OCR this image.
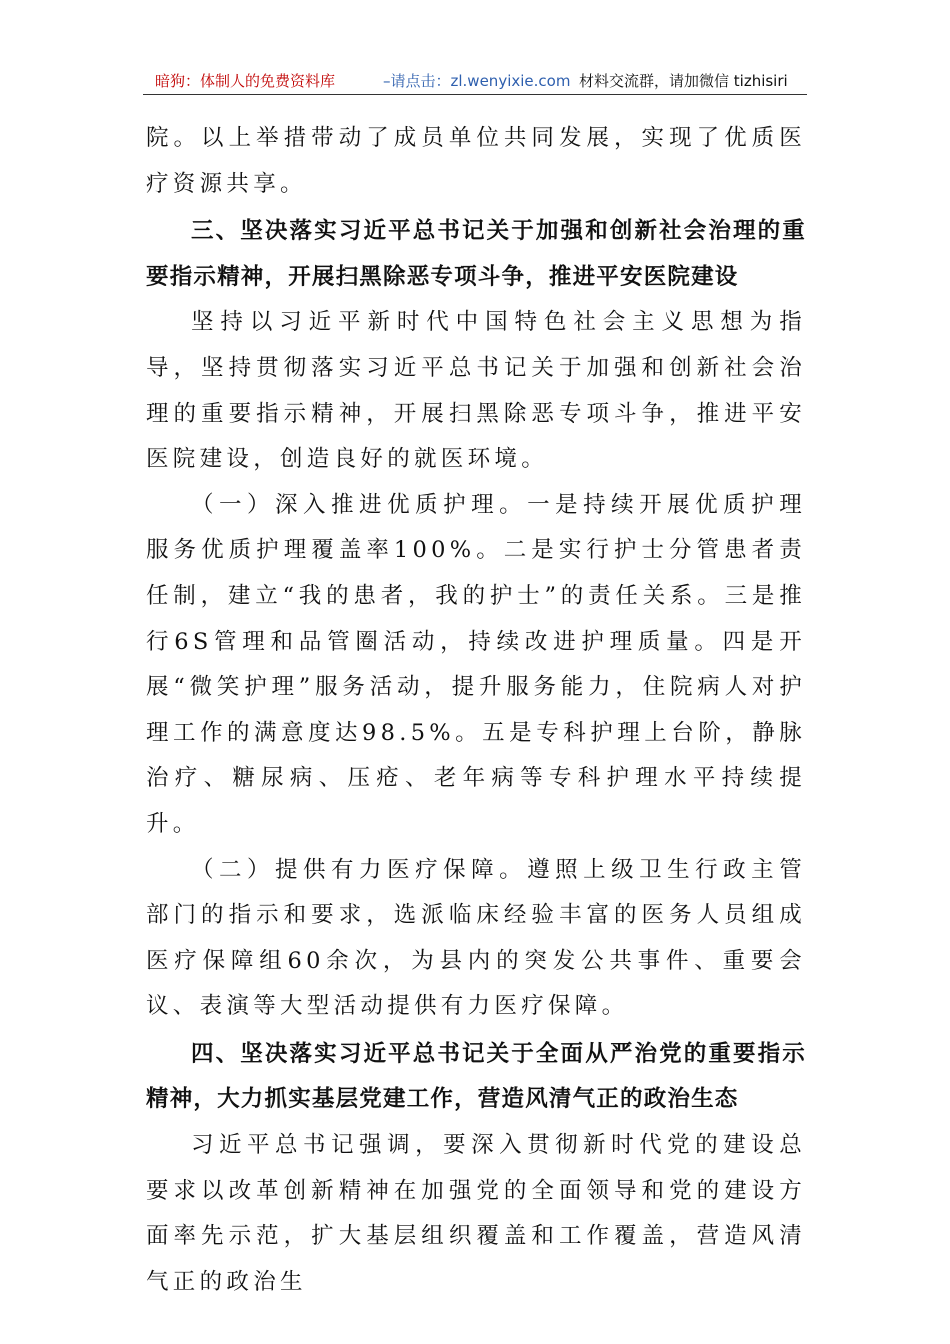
暗狗：体制人的免费资料库	–请点击：zl.wenyixie.com 材料交流群，请加微信 tizhisiri

院。以上举措带动了成员单位共同发展，实现了优质医疗资源共享。

三、坚决落实习近平总书记关于加强和创新社会治理的重要指示精神，开展扫黑除恶专项斗争，推进平安医院建设

坚持以习近平新时代中国特色社会主义思想为指导，坚持贯彻落实习近平总书记关于加强和创新社会治理的重要指示精神，开展扫黑除恶专项斗争，推进平安医院建设，创造良好的就医环境。

（一）深入推进优质护理。一是持续开展优质护理服务优质护理覆盖率100%。二是实行护士分管患者责任制，建立“我的患者，我的护士”的责任关系。三是推行6S管理和品管圈活动，持续改进护理质量。四是开展“微笑护理”服务活动，提升服务能力，住院病人对护理工作的满意度达98.5%。五是专科护理上台阶，静脉治疗、糖尿病、压疮、老年病等专科护理水平持续提升。

（二）提供有力医疗保障。遵照上级卫生行政主管部门的指示和要求，选派临床经验丰富的医务人员组成医疗保障组60余次，为县内的突发公共事件、重要会议、表演等大型活动提供有力医疗保障。

四、坚决落实习近平总书记关于全面从严治党的重要指示精神，大力抓实基层党建工作，营造风清气正的政治生态

习近平总书记强调，要深入贯彻新时代党的建设总要求以改革创新精神在加强党的全面领导和党的建设方面率先示范，扩大基层组织覆盖和工作覆盖，营造风清气正的政治生
